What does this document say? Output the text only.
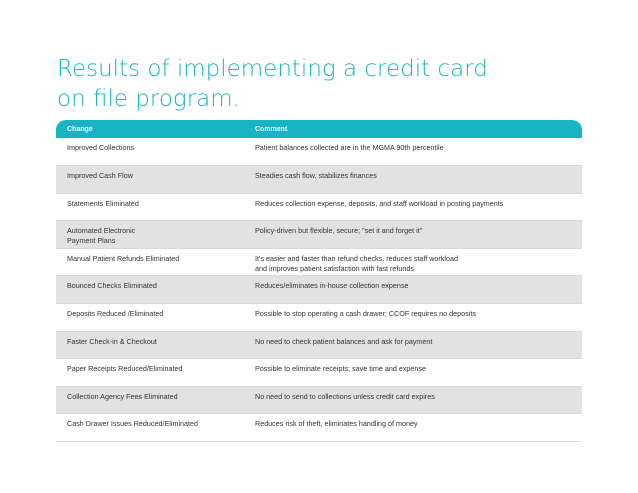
Results of implementing a credit card
on file program.
Change	Comment

Improved Collections	Patient balances collected are in the MGMA 90th percentile

Improved Cash Flow	Steadies cash flow, stabilizes finances

Statements Eliminated	Reduces collection expense, deposits, and staff workload in posting payments

Automated Electronic
Payment Plans	Policy-driven but flexible, secure; "set it and forget it"

Manual Patient Refunds Eliminated	It's easier and faster than refund checks, reduces staff workload
and improves patient satisfaction with fast refunds

Bounced Checks Eliminated	Reduces/eliminates in-house collection expense

Deposits Reduced /Eliminated	Possible to stop operating a cash drawer; CCOF requires no deposits

Faster Check-in & Checkout	No need to check patient balances and ask for payment

Paper Receipts Reduced/Eliminated	Possible to eliminate receipts; save time and expense

Collection Agency Fees Eliminated	No need to send to collections unless credit card expires

Cash Drawer Issues Reduced/Eliminated	Reduces risk of theft, eliminates handling of money
